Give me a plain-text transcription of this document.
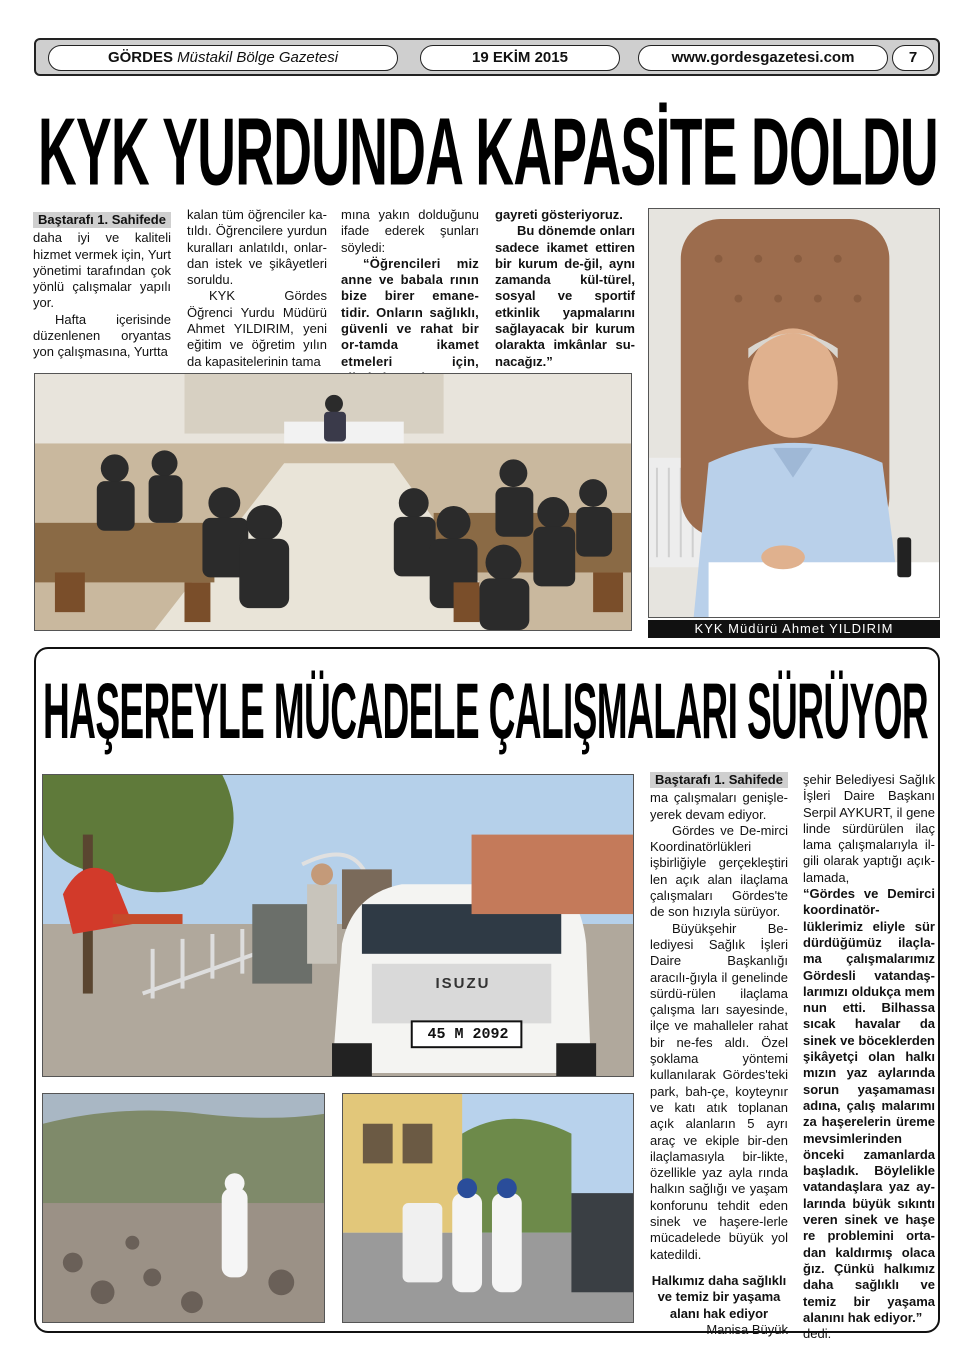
GÖRDES Müstakil Bölge Gazetesi	19 EKİM 2015	www.gordesgazetesi.com	7
KYK YURDUNDA KAPASİTE DOLDU
Baştarafı 1. Sahifede

daha iyi ve kaliteli hizmet vermek için, Yurt yönetimi tarafından çok yönlü çalışmalar yapılı yor.

Hafta içerisinde düzenlenen oryantas yon çalışmasına, Yurtta

kalan tüm öğrenciler ka-tıldı. Öğrencilere yurdun kuralları anlatıldı, onlar-dan istek ve şikâyetleri soruldu.

KYK Gördes Öğrenci Yurdu Müdürü Ahmet YILDIRIM, yeni eğitim ve öğretim yılın da kapasitelerinin tama

mına yakın dolduğunu ifade ederek şunları söyledi:

“Öğrencileri miz anne ve babala rının bize birer emane-tidir. Onların sağlıklı, güvenli ve rahat bir or-tamda ikamet etmeleri için,

gayreti gösteriyoruz.

Bu dönemde onları sadece ikamet ettiren bir kurum de-ğil, aynı zamanda kül-türel, sosyal ve sportif etkinlik yapmalarını sağlayacak bir kurum olarakta imkânlar su-nacağız.”

KYK Müdürü Ahmet YILDIRIM
HAŞEREYLE MÜCADELE ÇALIŞMALARI SÜRÜYOR
ISUZU
45 M 2092
Baştarafı 1. Sahifede

ma çalışmaları genişle-yerek devam ediyor.

Gördes ve De-mirci Koordinatörlükleri işbirliğiyle gerçekleştiri len açık alan ilaçlama çalışmaları Gördes'te de son hızıyla sürüyor.

Büyükşehir Be-lediyesi Sağlık İşleri Daire Başkanlığı aracılı-ğıyla il genelinde sürdü-rülen ilaçlama çalışma ları sayesinde, ilçe ve mahalleler rahat bir ne-fes aldı. Özel şoklama yöntemi kullanılarak Gördes'teki park, bah-çe, koyteynır ve katı atık toplanan açık alanların 5 ayrı araç ve ekiple bir-den ilaçlamasıyla bir-likte, özellikle yaz ayla rında halkın sağlığı ve yaşam konforunu tehdit eden sinek ve haşere-lerle mücadelede büyük yol katedildi.

Halkımız daha sağlıklı ve temiz bir yaşama alanı hak ediyor

Manisa Büyük

şehir Belediyesi Sağlık İşleri Daire Başkanı Serpil AYKURT, il gene linde sürdürülen ilaç lama çalışmalarıyla il-gili olarak yaptığı açık-lamada,

“Gördes ve Demirci koordinatör-lüklerimiz eliyle sür dürdüğümüz ilaçla-ma çalışmalarımız Gördesli vatandaş-larımızı oldukça mem nun etti. Bilhassa sıcak havalar da sinek ve böceklerden şikâyetçi olan halkı mızın yaz aylarında sorun yaşamaması adına, çalış malarımı za haşerelerin üreme mevsimlerinden önceki zamanlarda başladık. Böylelikle vatandaşlara yaz ay-larında büyük sıkıntı veren sinek ve haşe re problemini orta-dan kaldırmış olaca ğız. Çünkü halkımız daha sağlıklı ve temiz bir yaşama alanını hak ediyor.”

dedi.
